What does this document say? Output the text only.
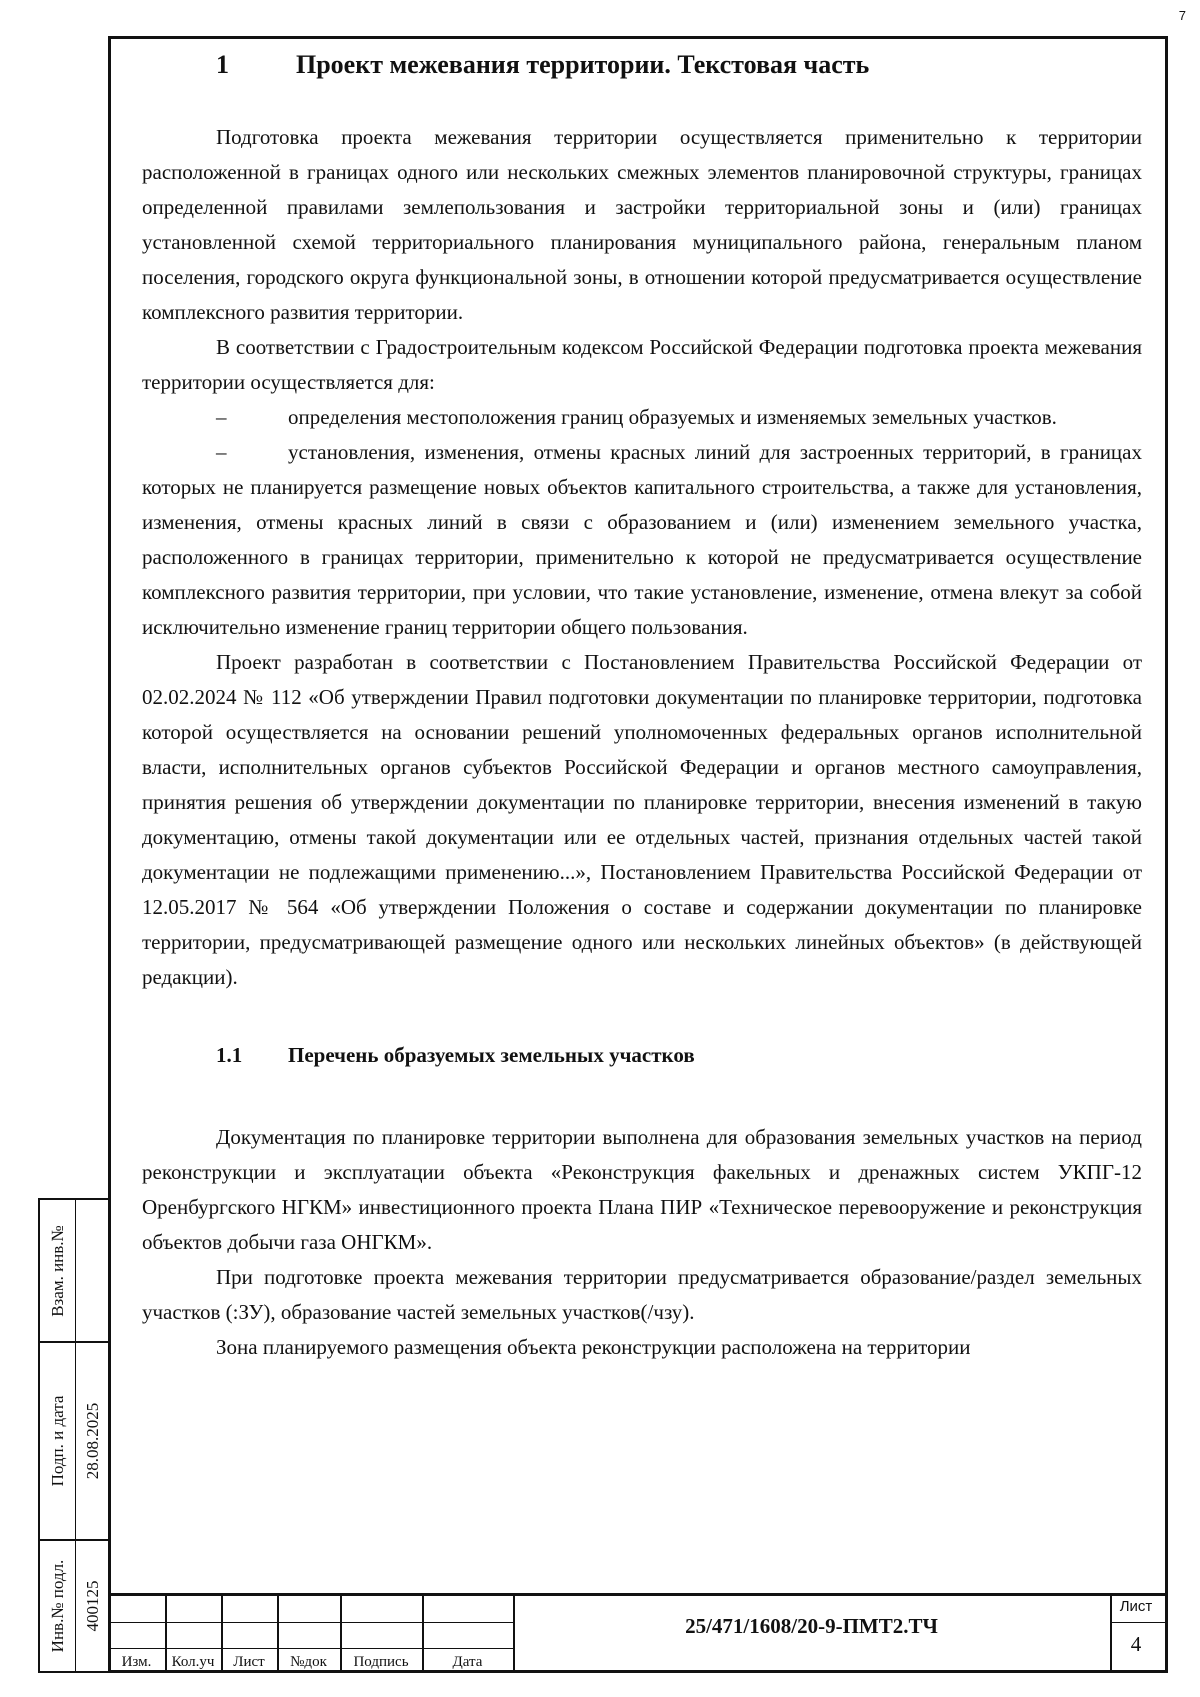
7
1	Проект межевания территории. Текстовая часть

Подготовка проекта межевания территории осуществляется применительно к территории расположенной в границах одного или нескольких смежных элементов планировочной структуры, границах определенной правилами землепользования и застройки территориальной зоны и (или) границах установленной схемой территориального планирования муниципального района, генеральным планом поселения, городского округа функциональной зоны, в отношении которой предусматривается осуществление комплексного развития территории.

В соответствии с Градостроительным кодексом Российской Федерации подготовка проекта межевания территории осуществляется для:

–	определения местоположения границ образуемых и изменяемых земельных участков.

–	установления, изменения, отмены красных линий для застроенных территорий, в границах которых не планируется размещение новых объектов капитального строительства, а также для установления, изменения, отмены красных линий в связи с образованием и (или) изменением земельного участка, расположенного в границах территории, применительно к которой не предусматривается осуществление комплексного развития территории, при условии, что такие установление, изменение, отмена влекут за собой исключительно изменение границ территории общего пользования.

Проект разработан в соответствии с Постановлением Правительства Российской Федерации от 02.02.2024 № 112 «Об утверждении Правил подготовки документации по планировке территории, подготовка которой осуществляется на основании решений уполномоченных федеральных органов исполнительной власти, исполнительных органов субъектов Российской Федерации и органов местного самоуправления, принятия решения об утверждении документации по планировке территории, внесения изменений в такую документацию, отмены такой документации или ее отдельных частей, признания отдельных частей такой документации не подлежащими применению...», Постановлением Правительства Российской Федерации от 12.05.2017 № 564 «Об утверждении Положения о составе и содержании документации по планировке территории, предусматривающей размещение одного или нескольких линейных объектов» (в действующей редакции).

1.1	Перечень образуемых земельных участков

Документация по планировке территории выполнена для образования земельных участков на период реконструкции и эксплуатации объекта «Реконструкция факельных и дренажных систем УКПГ-12 Оренбургского НГКМ» инвестиционного проекта Плана ПИР «Техническое перевооружение и реконструкция объектов добычи газа ОНГКМ».

При подготовке проекта межевания территории предусматривается образование/раздел земельных участков (:ЗУ), образование частей земельных участков(/чзу).

Зона планируемого размещения объекта реконструкции расположена на территории

Взам. инв.№
Подп. и дата 28.08.2025
Инв.№ подл. 400125
Изм.	Кол.уч	Лист	№док	Подпись	Дата
25/471/1608/20-9-ПМТ2.ТЧ
Лист
4
